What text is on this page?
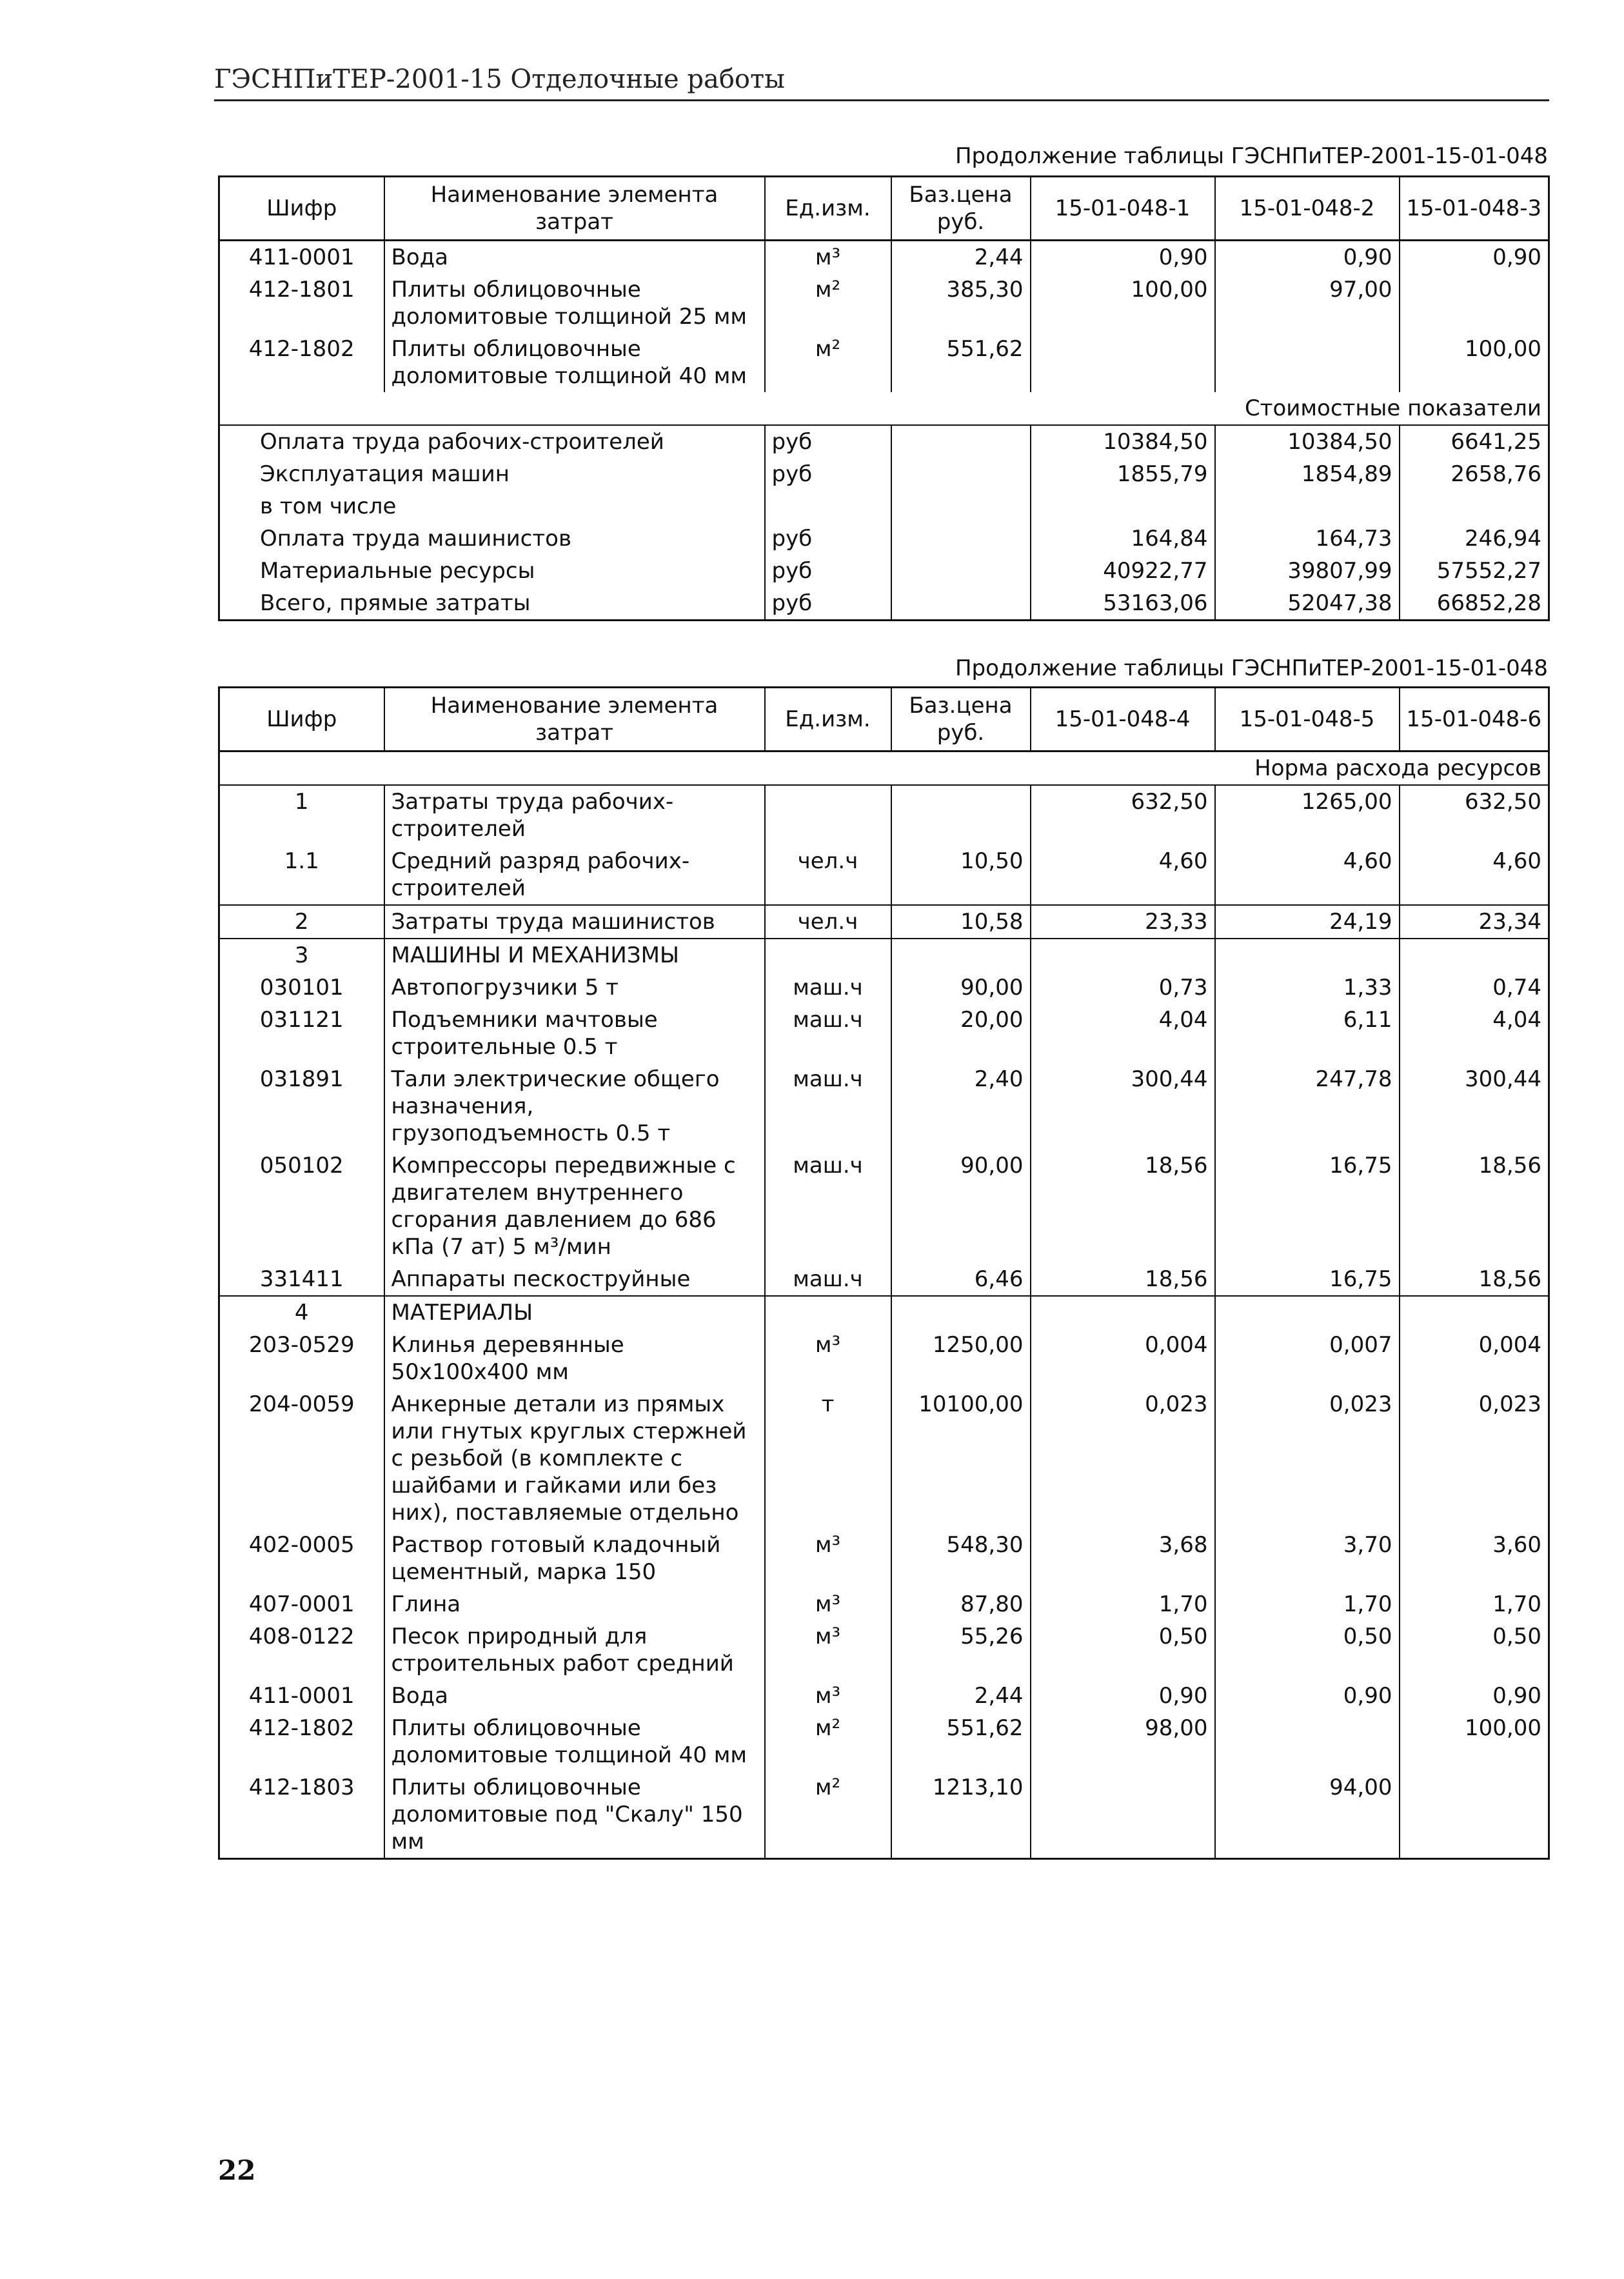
ГЭСНПиТЕР-2001-15 Отделочные работы
Продолжение таблицы ГЭСНПиТЕР-2001-15-01-048
Шифр	Наименование элемента затрат	Ед.изм.	Баз.цена руб.	15-01-048-1	15-01-048-2	15-01-048-3
411-0001	Вода	м³	2,44	0,90	0,90	0,90
412-1801	Плиты облицовочные доломитовые толщиной 25 мм	м²	385,30	100,00	97,00	
412-1802	Плиты облицовочные доломитовые толщиной 40 мм	м²	551,62			100,00
Стоимостные показатели						
Оплата труда рабочих-строителей		руб		10384,50	10384,50	6641,25
Эксплуатация машин		руб		1855,79	1854,89	2658,76
в том числе						
Оплата труда машинистов		руб		164,84	164,73	246,94
Материальные ресурсы		руб		40922,77	39807,99	57552,27
Всего, прямые затраты		руб		53163,06	52047,38	66852,28
Продолжение таблицы ГЭСНПиТЕР-2001-15-01-048
Шифр	Наименование элемента затрат	Ед.изм.	Баз.цена руб.	15-01-048-4	15-01-048-5	15-01-048-6
Норма расхода ресурсов						
1	Затраты труда рабочих-строителей			632,50	1265,00	632,50
1.1	Средний разряд рабочих-строителей	чел.ч	10,50	4,60	4,60	4,60
2	Затраты труда машинистов	чел.ч	10,58	23,33	24,19	23,34
3	МАШИНЫ И МЕХАНИЗМЫ					
030101	Автопогрузчики 5 т	маш.ч	90,00	0,73	1,33	0,74
031121	Подъемники мачтовые строительные 0.5 т	маш.ч	20,00	4,04	6,11	4,04
031891	Тали электрические общего назначения, грузоподъемность 0.5 т	маш.ч	2,40	300,44	247,78	300,44
050102	Компрессоры передвижные с двигателем внутреннего сгорания давлением до 686 кПа (7 ат) 5 м³/мин	маш.ч	90,00	18,56	16,75	18,56
331411	Аппараты пескоструйные	маш.ч	6,46	18,56	16,75	18,56
4	МАТЕРИАЛЫ					
203-0529	Клинья деревянные 50х100х400 мм	м³	1250,00	0,004	0,007	0,004
204-0059	Анкерные детали из прямых или гнутых круглых стержней с резьбой (в комплекте с шайбами и гайками или без них), поставляемые отдельно	т	10100,00	0,023	0,023	0,023
402-0005	Раствор готовый кладочный цементный, марка 150	м³	548,30	3,68	3,70	3,60
407-0001	Глина	м³	87,80	1,70	1,70	1,70
408-0122	Песок природный для строительных работ средний	м³	55,26	0,50	0,50	0,50
411-0001	Вода	м³	2,44	0,90	0,90	0,90
412-1802	Плиты облицовочные доломитовые толщиной 40 мм	м²	551,62	98,00		100,00
412-1803	Плиты облицовочные доломитовые под "Скалу" 150 мм	м²	1213,10		94,00	
22
